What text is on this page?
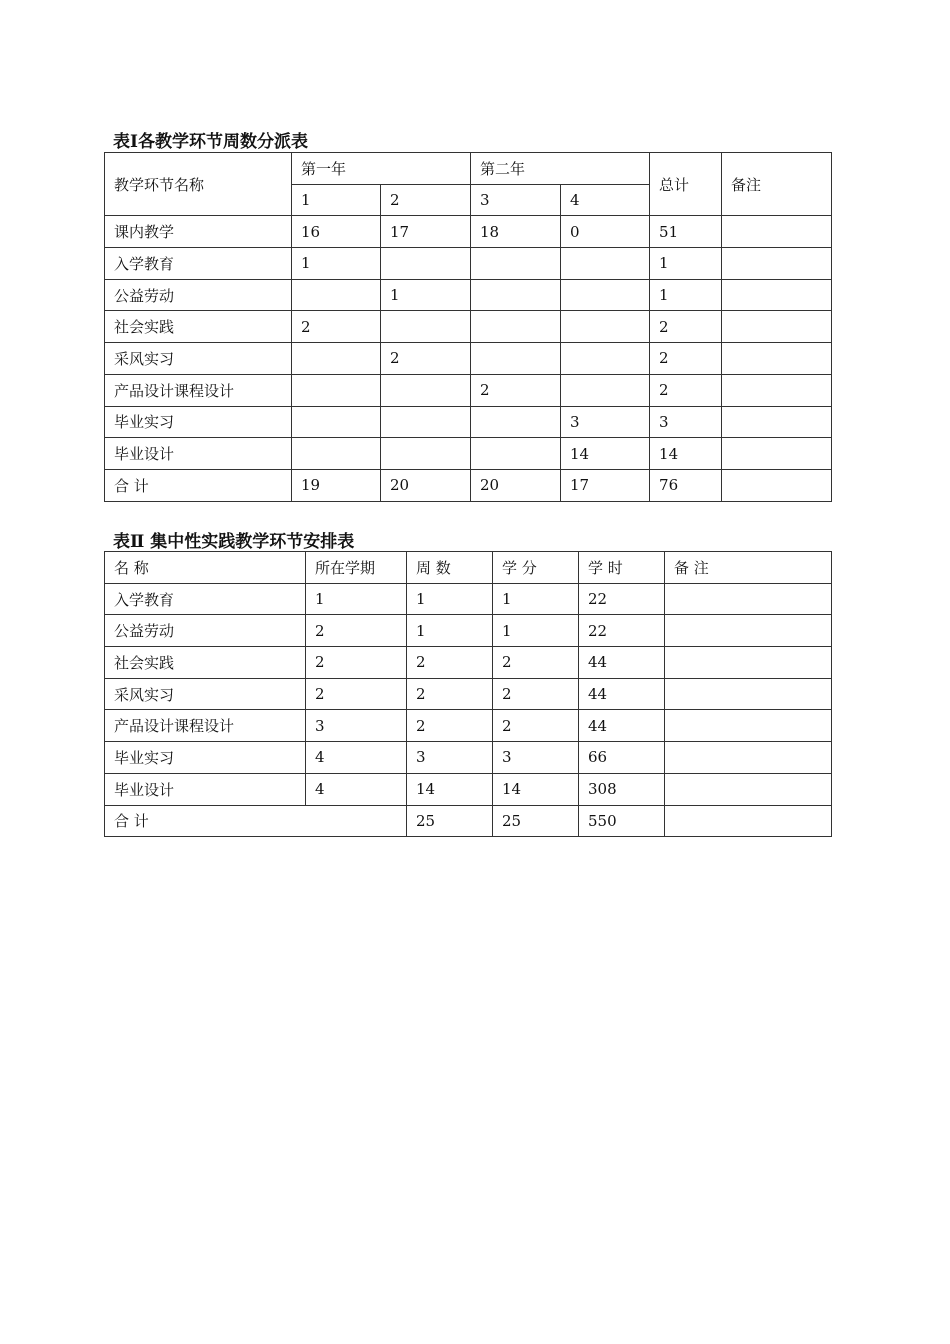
表Ⅰ各教学环节周数分派表
教学环节名称	第一年		第二年		总计	备注
	1	2	3	4		
课内教学	16	17	18	0	51	
入学教育	1				1	
公益劳动		1			1	
社会实践	2				2	
采风实习		2			2	
产品设计课程设计			2		2	
毕业实习				3	3	
毕业设计				14	14	
合 计	19	20	20	17	76	
表Ⅱ 集中性实践教学环节安排表
名 称	所在学期	周 数	学 分	学 时	备 注
入学教育	1	1	1	22	
公益劳动	2	1	1	22	
社会实践	2	2	2	44	
采风实习	2	2	2	44	
产品设计课程设计	3	2	2	44	
毕业实习	4	3	3	66	
毕业设计	4	14	14	308	
合 计		25	25	550	
